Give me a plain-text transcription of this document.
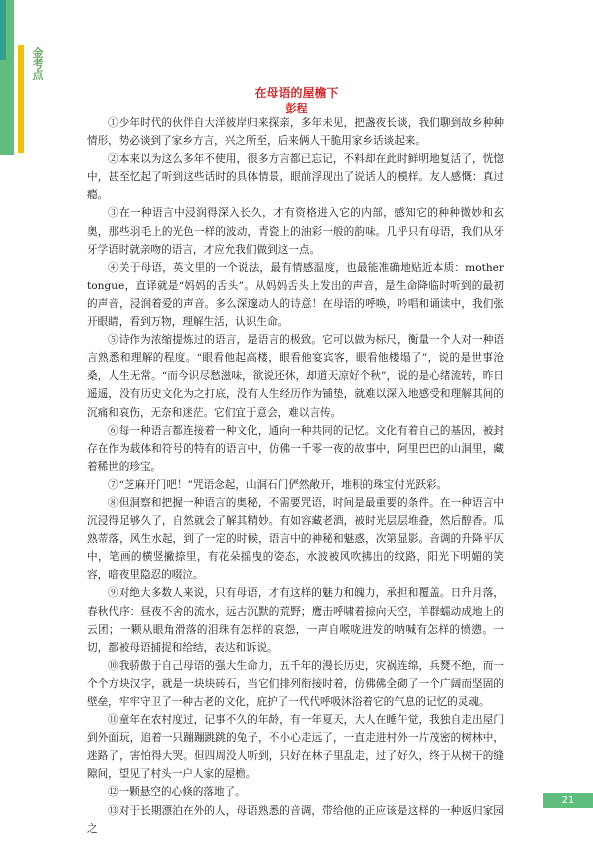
金考点
在母语的屋檐下
彭程

①少年时代的伙伴自大洋彼岸归来探亲，多年未见，把盏夜长谈，我们聊到故乡种种情形，势必谈到了家乡方言，兴之所至，后来俩人干脆用家乡话谈起来。

②本来以为这么多年不使用，很多方言都已忘记，不料却在此时鲜明地复活了，恍惚中，甚至忆起了听到这些话时的具体情景，眼前浮现出了说话人的模样。友人感慨：真过瘾。

③在一种语言中浸润得深入长久，才有资格进入它的内部，感知它的种种微妙和玄奥，那些羽毛上的光色一样的波动，青瓷上的油彩一般的韵味。几乎只有母语，我们从牙牙学语时就亲吻的语言，才应允我们做到这一点。

④关于母语，英文里的一个说法，最有情感温度，也最能准确地贴近本质：mother tongue，直译就是“妈妈的舌头”。从妈妈舌头上发出的声音，是生命降临时听到的最初的声音，浸润着爱的声音。多么深邃动人的诗意！在母语的呼唤，吟唱和诵读中，我们张开眼睛，看到万物，理解生活，认识生命。

⑤诗作为浓缩提炼过的语言，是语言的极致。它可以做为标尺，衡量一个人对一种语言熟悉和理解的程度。“眼看他起高楼，眼看他宴宾客，眼看他楼塌了”，说的是世事沧桑，人生无常。“而今识尽愁滋味，欲说还休，却道天凉好个秋”，说的是心绪流转，昨日遥遥，没有历史文化为之打底，没有人生经历作为铺垫，就难以深入地感受和理解其间的沉痛和哀伤，无奈和迷茫。它们宜于意会，难以言传。

⑥每一种语言都连接着一种文化，通向一种共同的记忆。文化有着自己的基因，被封存在作为载体和符号的特有的语言中，仿佛一千零一夜的故事中，阿里巴巴的山洞里，藏着稀世的珍宝。

⑦“芝麻开门吧！”咒语念起，山洞石门俨然敞开，堆积的珠宝付光跃彩。

⑧但洞察和把握一种语言的奥秘，不需要咒语，时间是最重要的条件。在一种语言中沉浸得足够久了，自然就会了解其精妙。有如容藏老酒，被时光层层堆叠，然后醇香。瓜熟蒂落，风生水起，到了一定的时候，语言中的神秘和魅惑，次第显影。音调的升降平仄中，笔画的横竖撇捺里，有花朵摇曳的姿态，水波被风吹拂出的纹路，阳光下明媚的笑容，暗夜里隐忍的啜泣。

⑨对绝大多数人来说，只有母语，才有这样的魅力和魄力，承担和覆盖。日升月落，春秋代序：昼夜不舍的流水，远古沉默的荒野；鹰击呼啸着掠向天空，羊群蠕动成地上的云团；一颗从眼角滑落的泪珠有怎样的哀怨，一声自喉咙进发的呐喊有怎样的愤懑。一切，都被母语捕捉和给结，表达和诉说。

⑩我骄傲于自己母语的强大生命力，五千年的漫长历史，灾祸连绵，兵燹不绝，而一个个方块汉字，就是一块块砖石，当它们排列衔接时着，仿佛佛全砌了一个广阔而坚固的壁垒，牢牢守卫了一种古老的文化，庇护了一代代呼吸沐浴着它的气息的记忆的灵魂。

⑪童年在农村度过，记事不久的年龄，有一年夏天，大人在睡午觉，我独自走出屋门到外面玩，追着一只蹦蹦跳跳的兔子，不小心走远了，一直走进村外一片茂密的树林中，迷路了，害怕得大哭。但四周没人听到，只好在林子里乱走，过了好久，终于从树干的缝隙间，望见了村头一户人家的屋檐。

⑫一颗悬空的心倏的落地了。

⑬对于长期漂泊在外的人，母语熟悉的音调，带给他的正应该是这样的一种返归家园之

21
